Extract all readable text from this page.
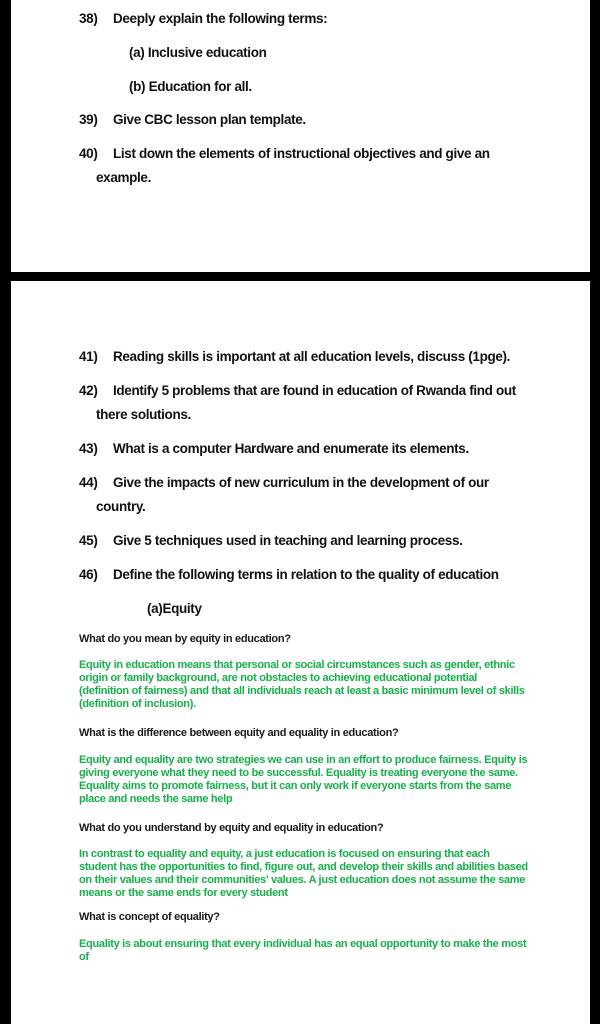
38) Deeply explain the following terms:
(a) Inclusive education
(b) Education for all.
39) Give CBC lesson plan template.
40) List down the elements of instructional objectives and give an
example.
41) Reading skills is important at all education levels, discuss (1pge).
42) Identify 5 problems that are found in education of Rwanda find out
there solutions.
43) What is a computer Hardware and enumerate its elements.
44) Give the impacts of new curriculum in the development of our
country.
45) Give 5 techniques used in teaching and learning process.
46) Define the following terms in relation to the quality of education
(a)Equity
What do you mean by equity in education?
Equity in education means that personal or social circumstances such as gender, ethnic origin or family background, are not obstacles to achieving educational potential (definition of fairness) and that all individuals reach at least a basic minimum level of skills (definition of inclusion).
What is the difference between equity and equality in education?
Equity and equality are two strategies we can use in an effort to produce fairness. Equity is giving everyone what they need to be successful. Equality is treating everyone the same. Equality aims to promote fairness, but it can only work if everyone starts from the same place and needs the same help
What do you understand by equity and equality in education?
In contrast to equality and equity, a just education is focused on ensuring that each student has the opportunities to find, figure out, and develop their skills and abilities based on their values and their communities' values. A just education does not assume the same means or the same ends for every student
What is concept of equality?
Equality is about ensuring that every individual has an equal opportunity to make the most of
